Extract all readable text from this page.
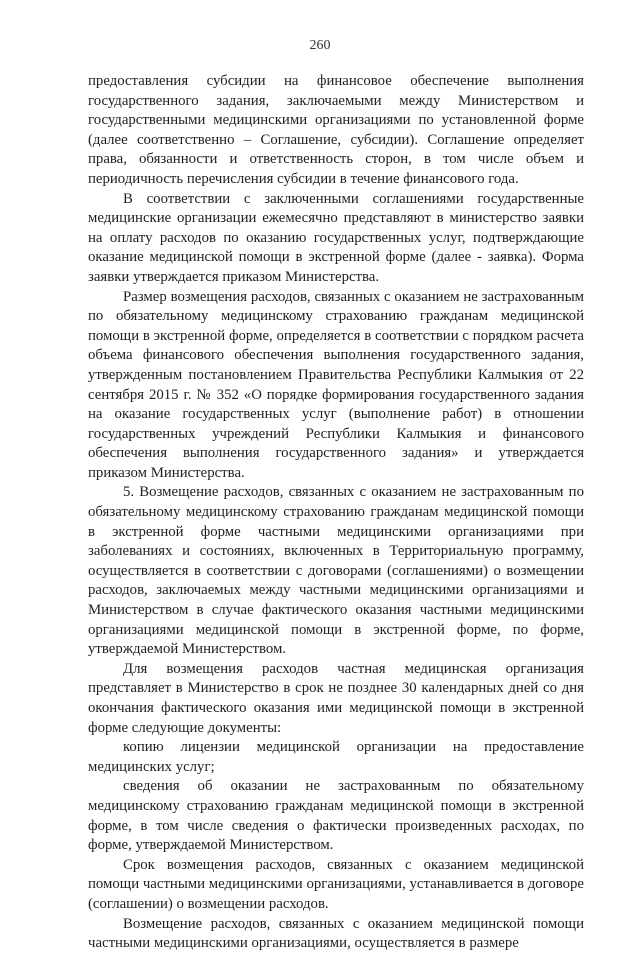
260

предоставления субсидии на финансовое обеспечение выполнения государственного задания, заключаемыми между Министерством и государственными медицинскими организациями по установленной форме (далее соответственно – Соглашение, субсидии). Соглашение определяет права, обязанности и ответственность сторон, в том числе объем и периодичность перечисления субсидии в течение финансового года.

В соответствии с заключенными соглашениями государственные медицинские организации ежемесячно представляют в министерство заявки на оплату расходов по оказанию государственных услуг, подтверждающие оказание медицинской помощи в экстренной форме (далее - заявка). Форма заявки утверждается приказом Министерства.

Размер возмещения расходов, связанных с оказанием не застрахованным по обязательному медицинскому страхованию гражданам медицинской помощи в экстренной форме, определяется в соответствии с порядком расчета объема финансового обеспечения выполнения государственного задания, утвержденным постановлением Правительства Республики Калмыкия от 22 сентября 2015 г. № 352 «О порядке формирования государственного задания на оказание государственных услуг (выполнение работ) в отношении государственных учреждений Республики Калмыкия и финансового обеспечения выполнения государственного задания» и утверждается приказом Министерства.

5. Возмещение расходов, связанных с оказанием не застрахованным по обязательному медицинскому страхованию гражданам медицинской помощи в экстренной форме частными медицинскими организациями при заболеваниях и состояниях, включенных в Территориальную программу, осуществляется в соответствии с договорами (соглашениями) о возмещении расходов, заключаемых между частными медицинскими организациями и Министерством в случае фактического оказания частными медицинскими организациями медицинской помощи в экстренной форме, по форме, утверждаемой Министерством.

Для возмещения расходов частная медицинская организация представляет в Министерство в срок не позднее 30 календарных дней со дня окончания фактического оказания ими медицинской помощи в экстренной форме следующие документы:

копию лицензии медицинской организации на предоставление медицинских услуг;

сведения об оказании не застрахованным по обязательному медицинскому страхованию гражданам медицинской помощи в экстренной форме, в том числе сведения о фактически произведенных расходах, по форме, утверждаемой Министерством.

Срок возмещения расходов, связанных с оказанием медицинской помощи частными медицинскими организациями, устанавливается в договоре (соглашении) о возмещении расходов.

Возмещение расходов, связанных с оказанием медицинской помощи частными медицинскими организациями, осуществляется в размере
